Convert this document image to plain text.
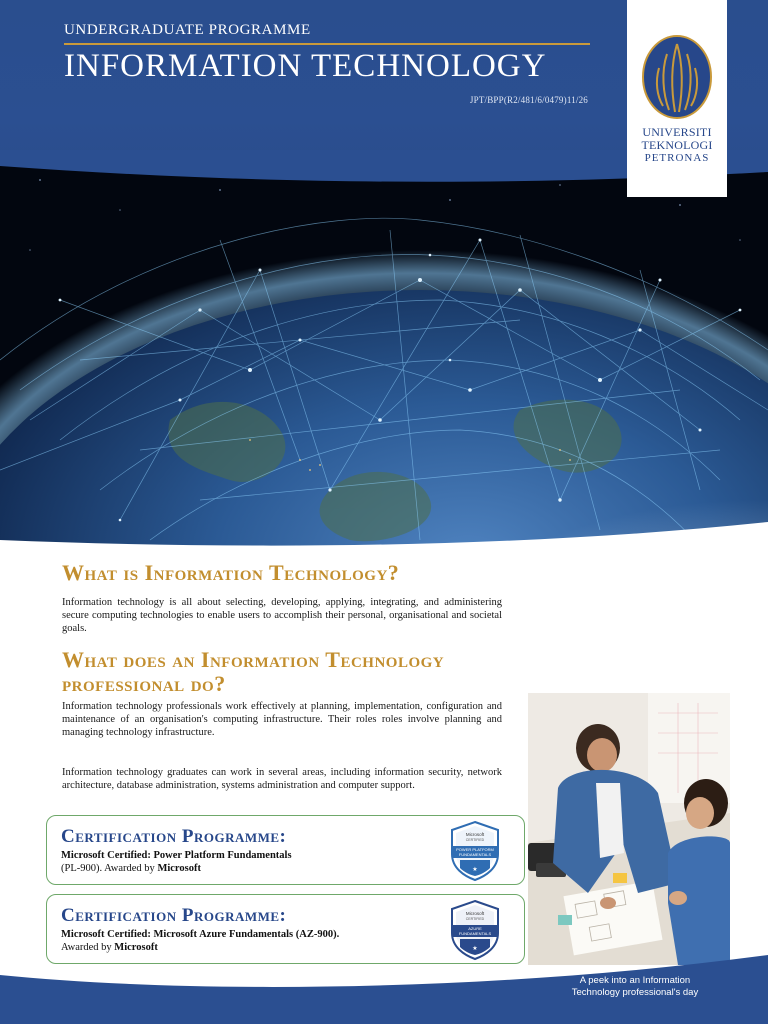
UNDERGRADUATE PROGRAMME
INFORMATION TECHNOLOGY
JPT/BPP(R2/481/6/0479)11/26
UNIVERSITI
TEKNOLOGI
PETRONAS
What is Information Technology?
Information technology is all about selecting, developing, applying, integrating, and administering secure computing technologies to enable users to accomplish their personal, organisational and societal goals.
What does an Information Technology professional do?
Information technology professionals work effectively at planning, implementation, configuration and maintenance of an organisation's computing infrastructure. Their roles roles involve planning and managing technology infrastructure.
Information technology graduates can work in several areas, including information security, network architecture, database administration, systems administration and computer support.
Certification Programme:
Microsoft Certified: Power Platform Fundamentals
(PL-900). Awarded by Microsoft
Microsoft
CERTIFIED
POWER PLATFORM
FUNDAMENTALS
★
Certification Programme:
Microsoft Certified: Microsoft Azure Fundamentals (AZ-900).
Awarded by Microsoft
Microsoft
CERTIFIED
AZURE
FUNDAMENTALS
★
A peek into an Information
Technology professional's day
